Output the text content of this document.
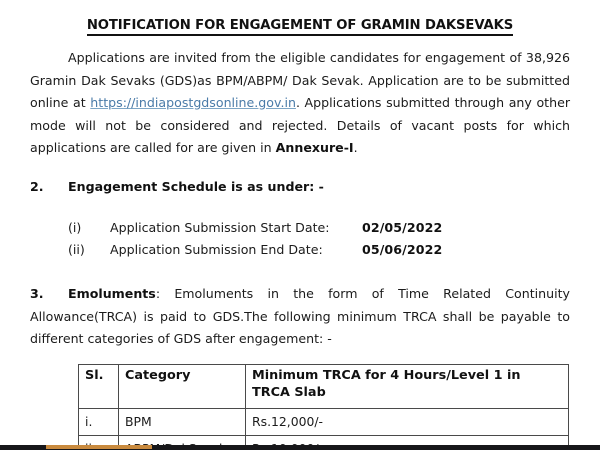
NOTIFICATION FOR ENGAGEMENT OF GRAMIN DAKSEVAKS
Applications are invited from the eligible candidates for engagement of 38,926 Gramin Dak Sevaks (GDS)as BPM/ABPM/ Dak Sevak. Application are to be submitted online at https://indiapostgdsonline.gov.in. Applications submitted through any other mode will not be considered and rejected. Details of vacant posts for which applications are called for are given in Annexure-I.
2. Engagement Schedule is as under: -
(i) Application Submission Start Date:	02/05/2022
(ii) Application Submission End Date:	05/06/2022
3. Emoluments: Emoluments in the form of Time Related Continuity Allowance(TRCA) is paid to GDS.The following minimum TRCA shall be payable to different categories of GDS after engagement: -
Sl.	Category	Minimum TRCA for 4 Hours/Level 1 in TRCA Slab
i.	BPM	Rs.12,000/-
